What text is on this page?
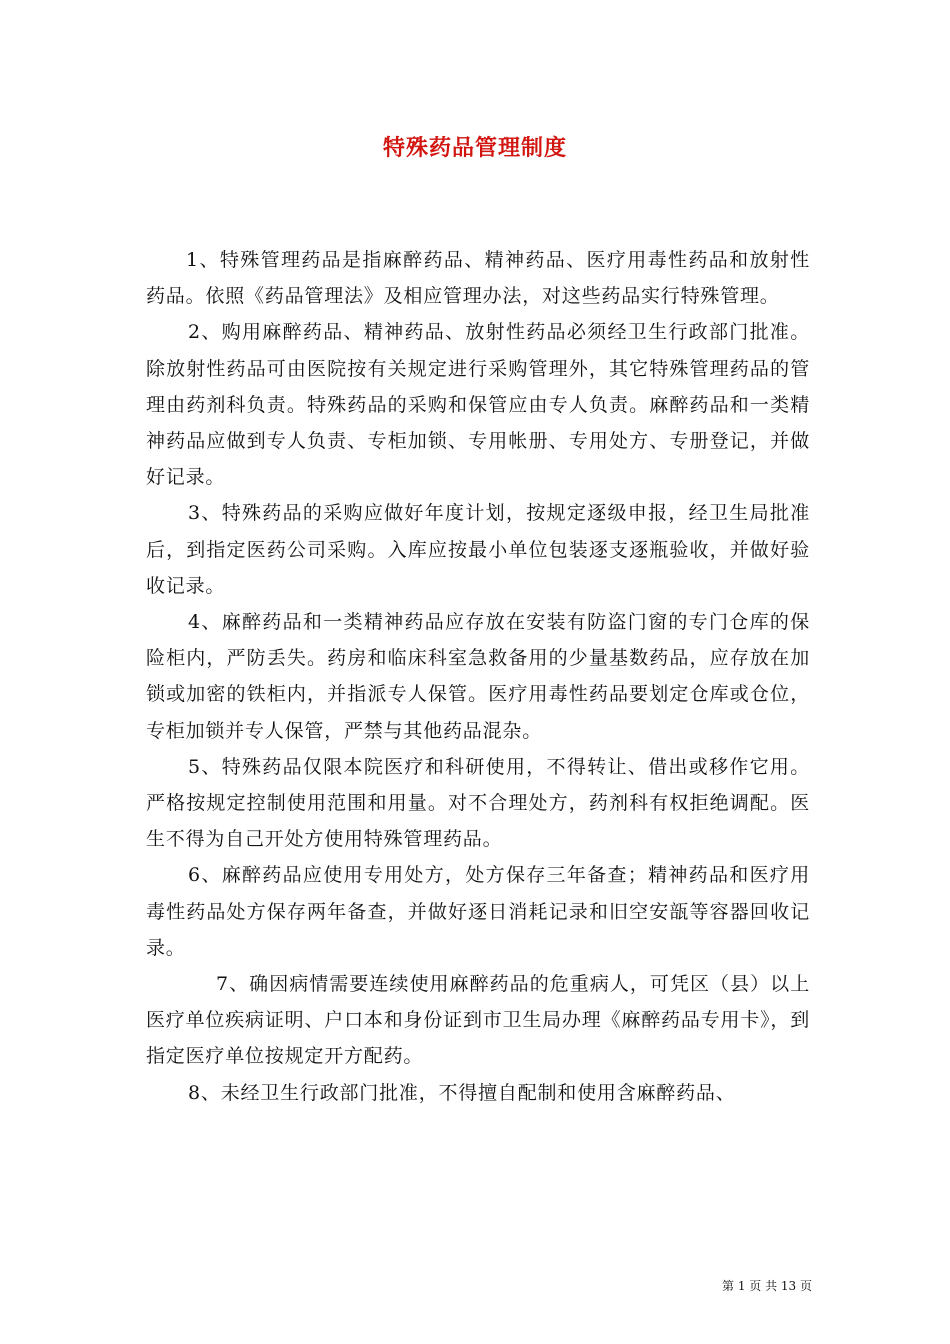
特殊药品管理制度

1、特殊管理药品是指麻醉药品、精神药品、医疗用毒性药品和放射性药品。依照《药品管理法》及相应管理办法，对这些药品实行特殊管理。

2、购用麻醉药品、精神药品、放射性药品必须经卫生行政部门批准。除放射性药品可由医院按有关规定进行采购管理外，其它特殊管理药品的管理由药剂科负责。特殊药品的采购和保管应由专人负责。麻醉药品和一类精神药品应做到专人负责、专柜加锁、专用帐册、专用处方、专册登记，并做好记录。

3、特殊药品的采购应做好年度计划，按规定逐级申报，经卫生局批准后，到指定医药公司采购。入库应按最小单位包装逐支逐瓶验收，并做好验收记录。

4、麻醉药品和一类精神药品应存放在安装有防盗门窗的专门仓库的保险柜内，严防丢失。药房和临床科室急救备用的少量基数药品，应存放在加锁或加密的铁柜内，并指派专人保管。医疗用毒性药品要划定仓库或仓位，专柜加锁并专人保管，严禁与其他药品混杂。

5、特殊药品仅限本院医疗和科研使用，不得转让、借出或移作它用。严格按规定控制使用范围和用量。对不合理处方，药剂科有权拒绝调配。医生不得为自己开处方使用特殊管理药品。

6、麻醉药品应使用专用处方，处方保存三年备查；精神药品和医疗用毒性药品处方保存两年备查，并做好逐日消耗记录和旧空安瓿等容器回收记录。

7、确因病情需要连续使用麻醉药品的危重病人，可凭区（县）以上医疗单位疾病证明、户口本和身份证到市卫生局办理《麻醉药品专用卡》，到指定医疗单位按规定开方配药。

8、未经卫生行政部门批准，不得擅自配制和使用含麻醉药品、

第 1 页 共 13 页
